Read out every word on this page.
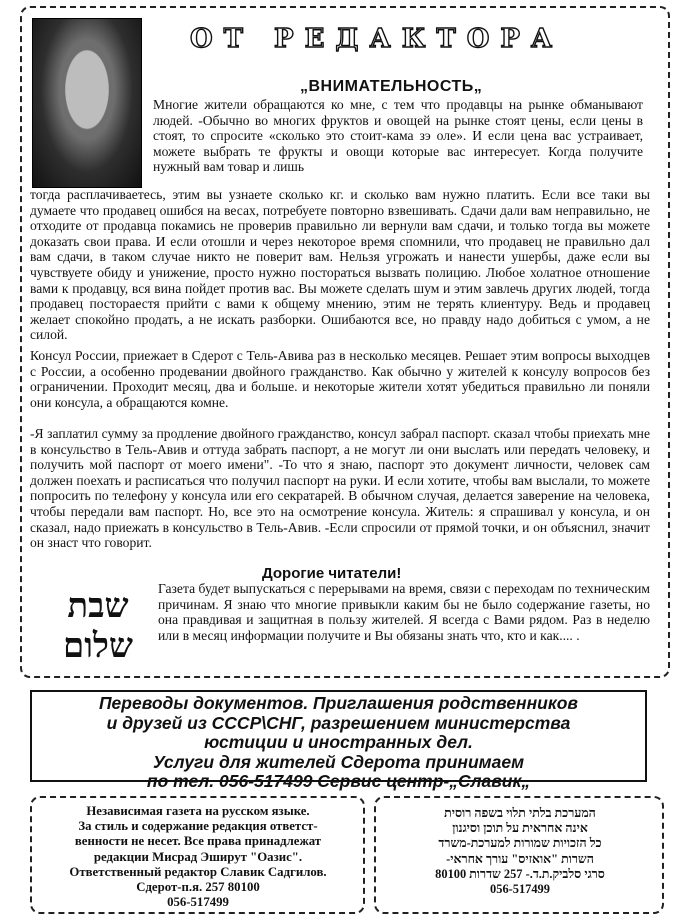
ОТ РЕДАКТОРА
„ВНИМАТЕЛЬНОСТЬ„

Многие жители обращаются ко мне, с тем что продавцы на рынке обманывают людей. -Обычно во многих фруктов и овощей на рынке стоят цены, если цены в стоят, то спросите «сколько это стоит-кама зэ оле». И если цена вас устраивает, можете выбрать те фрукты и овощи которые вас интересует. Когда получите нужный вам товар и лишь

тогда расплачиваетесь, этим вы узнаете сколько кг. и сколько вам нужно платить. Если все таки вы думаете что продавец ошибся на весах, потребуете повторно взвешивать. Сдачи дали вам неправильно, не отходите от продавца покамись не проверив правильно ли вернули вам сдачи, и только тогда вы можете доказать свои права. И если отошли и через некоторое время спомнили, что продавец не правильно дал вам сдачи, в таком случае никто не поверит вам. Нельзя угрожать и нанести ушербы, даже если вы чувствуете обиду и унижение, просто нужно постораться вызвать полицию. Любое холатное отношение вами к продавцу, вся вина пойдет против вас. Вы можете сделать шум и этим завлечь других людей, тогда продавец постораестя прийти с вами к общему мнению, этим не терять клиентуру. Ведь и продавец желает спокойно продать, а не искать разборки. Ошибаются все, но правду надо добиться с умом, а не силой.

Консул России, приежает в Сдерот с Тель-Авива раз в несколько месяцев. Решает этим вопросы выходцев с России, а особенно продевании двойного гражданство. Как обычно у жителей к консулу вопросов без ограничении. Проходит месяц, два и больше. и некоторые жители хотят убедиться правильно ли поняли они консула, а обращаются комне.

-Я заплатил сумму за продление двойного гражданство, консул забрал паспорт. сказал чтобы приехать мне в консульство в Тель-Авив и оттуда забрать паспорт, а не могут ли они выслать или передать человеку, и получить мой паспорт от моего имени". -То что я знаю, паспорт это документ личности, человек сам должен поехать и расписаться что получил паспорт на руки. И если хотите, чтобы вам выслали, то можете попросить по телефону у консула или его секратарей. В обычном случая, делается заверение на человека, чтобы передали вам паспорт. Но, все это на осмотрение консула. Житель: я спрашивал у консула, и он сказал, надо приежать в консульство в Тель-Авив. -Если спросили от прямой точки, и он объяснил, значит он знаст что говорит.

Дорогие читатели!
שבת
שלום

Газета будет выпускаться с перерывами на время, связи с переходам по техническим причинам. Я знаю что многие привыкли каким бы не было содержание газеты, но она правдивая и защитная в пользу жителей. Я всегда с Вами рядом. Раз в неделю или в месяц информации получите и Вы обязаны знать что, кто и как.... .

Переводы документов. Приглашения родственников
и друзей из СССР\СНГ, разрешением министерства
юстиции и иностранных дел.
Услуги для жителей Сдерота принимаем
по тел. 056-517499 Сервис центр-„Славик„
Независимая газета на русском языке.
За стиль и содержание редакция ответст-
венности не несет. Все права принадлежат
редакции Мисрад Эширут "Оазис".
Ответственный редактор Славик Садгилов.
Сдерот-п.я. 257 80100
056-517499
המערכת בלתי תלוי בשפה רוסית
אינה אחראית על תוכן וסיגנון
כל הזכויות שמורות למערכת-משרד
השרות "אואזיס" עורך אחראי-
סרגי סלביק.ת.ד.- 257 שדרות 80100
056-517499
